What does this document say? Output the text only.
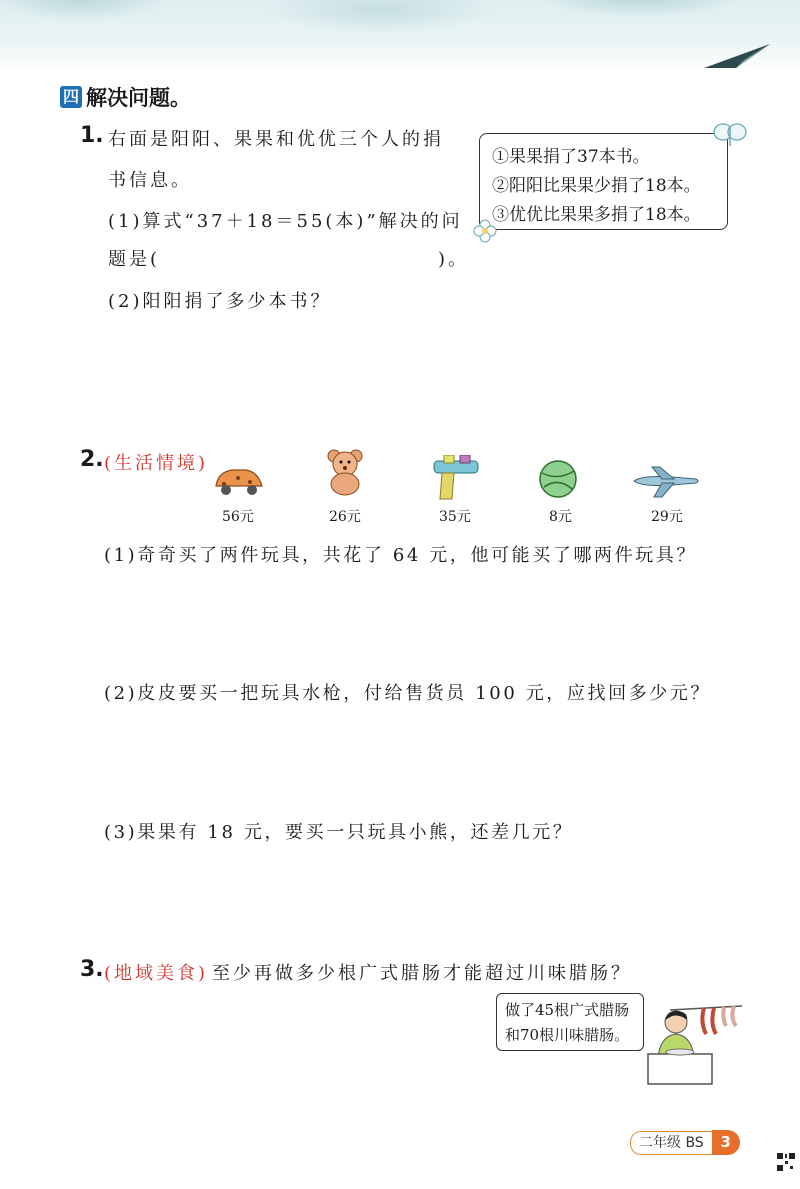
四 解决问题。
1. 右面是阳阳、果果和优优三个人的捐
书信息。
(1)算式“37＋18＝55(本)”解决的问
题是(	)。
(2)阳阳捐了多少本书？
①果果捐了37本书。
②阳阳比果果少捐了18本。
③优优比果果多捐了18本。
2. (生活情境)
56元	26元	35元	8元	29元
(1)奇奇买了两件玩具，共花了 64 元，他可能买了哪两件玩具？
(2)皮皮要买一把玩具水枪，付给售货员 100 元，应找回多少元？
(3)果果有 18 元，要买一只玩具小熊，还差几元？
3. (地域美食) 至少再做多少根广式腊肠才能超过川味腊肠？
做了45根广式腊肠
和70根川味腊肠。
二年级 BS	3
